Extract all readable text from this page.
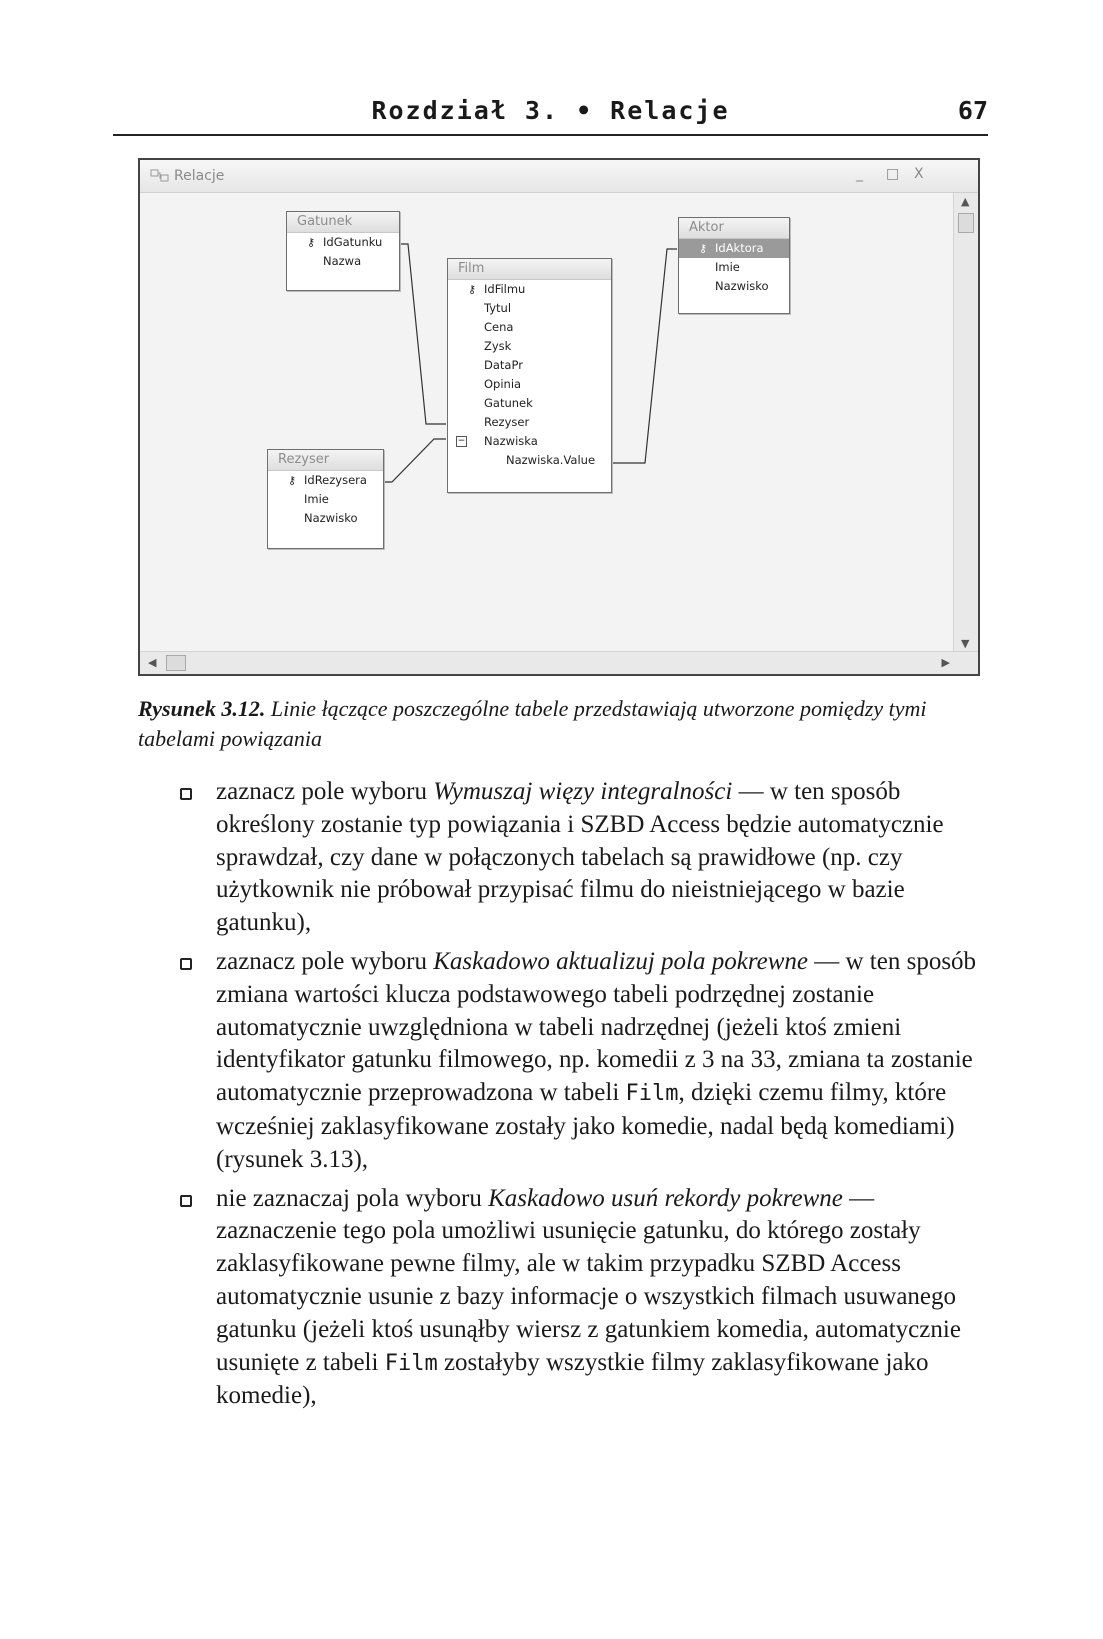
Rozdział 3. • Relacje	67
Relacje	_ □ X
Gatunek
⚷ IdGatunku
Nazwa	Film
⚷ IdFilmu
Tytul
Cena
Zysk
DataPr
Opinia
Gatunek
Rezyser
− Nazwiska
Nazwiska.Value
Aktor
⚷ IdAktora
Imie
Nazwisko
Rezyser
⚷ IdRezysera
Imie
Nazwisko
▲
▼
◀	▶
Rysunek 3.12. Linie łączące poszczególne tabele przedstawiają utworzone pomiędzy tymi tabelami powiązania
zaznacz pole wyboru Wymuszaj więzy integralności — w ten sposób określony zostanie typ powiązania i SZBD Access będzie automatycznie sprawdzał, czy dane w połączonych tabelach są prawidłowe (np. czy użytkownik nie próbował przypisać filmu do nieistniejącego w bazie gatunku),
zaznacz pole wyboru Kaskadowo aktualizuj pola pokrewne — w ten sposób zmiana wartości klucza podstawowego tabeli podrzędnej zostanie automatycznie uwzględniona w tabeli nadrzędnej (jeżeli ktoś zmieni identyfikator gatunku filmowego, np. komedii z 3 na 33, zmiana ta zostanie automatycznie przeprowadzona w tabeli Film, dzięki czemu filmy, które wcześniej zaklasyfikowane zostały jako komedie, nadal będą komediami) (rysunek 3.13),
nie zaznaczaj pola wyboru Kaskadowo usuń rekordy pokrewne — zaznaczenie tego pola umożliwi usunięcie gatunku, do którego zostały zaklasyfikowane pewne filmy, ale w takim przypadku SZBD Access automatycznie usunie z bazy informacje o wszystkich filmach usuwanego gatunku (jeżeli ktoś usunąłby wiersz z gatunkiem komedia, automatycznie usunięte z tabeli Film zostałyby wszystkie filmy zaklasyfikowane jako komedie),
